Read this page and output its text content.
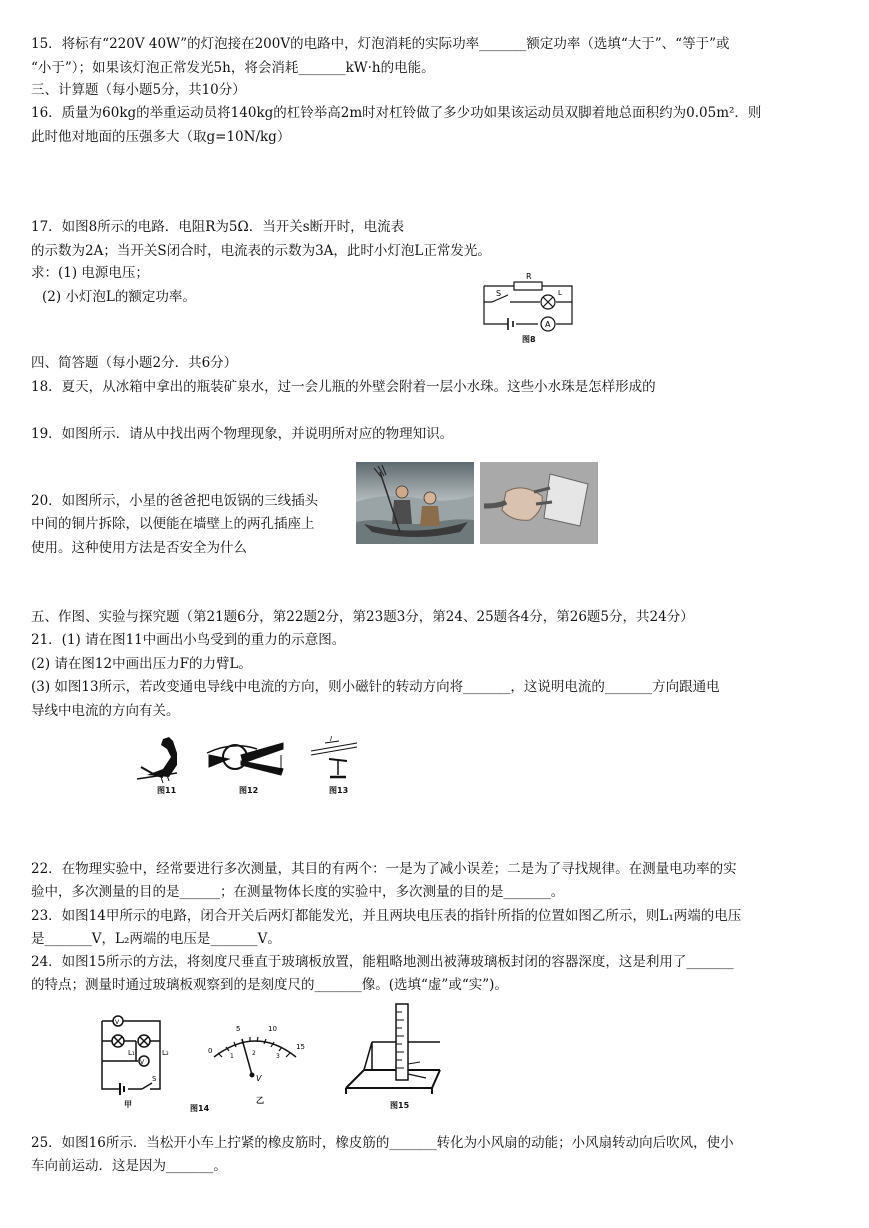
15．将标有“220V 40W”的灯泡接在200V的电路中，灯泡消耗的实际功率_______额定功率（选填“大于”、“等于”或
“小于”）；如果该灯泡正常发光5h，将会消耗_______kW·h的电能。
三、计算题（每小题5分，共10分）
16．质量为60kg的举重运动员将140kg的杠铃举高2m时对杠铃做了多少功如果该运动员双脚着地总面积约为0.05m²．则
此时他对地面的压强多大（取g=10N/kg）
17．如图8所示的电路．电阻R为5Ω．当开关s断开时，电流表
的示数为2A；当开关S闭合时，电流表的示数为3A，此时小灯泡L正常发光。
求：(1) 电源电压；
(2) 小灯泡L的额定功率。
四、简答题（每小题2分．共6分）
18．夏天，从冰箱中拿出的瓶装矿泉水，过一会儿瓶的外壁会附着一层小水珠。这些小水珠是怎样形成的
19．如图所示．请从中找出两个物理现象，并说明所对应的物理知识。
20．如图所示，小星的爸爸把电饭锅的三线插头
中间的铜片拆除，以便能在墙壁上的两孔插座上
使用。这种使用方法是否安全为什么
五、作图、实验与探究题（第21题6分，第22题2分，第23题3分，第24、25题各4分，第26题5分，共24分）
21．(1) 请在图11中画出小鸟受到的重力的示意图。
(2) 请在图12中画出压力F的力臂L。
(3) 如图13所示，若改变通电导线中电流的方向，则小磁针的转动方向将_______，这说明电流的_______方向跟通电
导线中电流的方向有关。
22．在物理实验中，经常要进行多次测量，其目的有两个：一是为了减小误差；二是为了寻找规律。在测量电功率的实
验中，多次测量的目的是______；在测量物体长度的实验中，多次测量的目的是_______。
23．如图14甲所示的电路，闭合开关后两灯都能发光，并且两块电压表的指针所指的位置如图乙所示，则L₁两端的电压
是_______V，L₂两端的电压是_______V。
24．如图15所示的方法，将刻度尺垂直于玻璃板放置，能粗略地测出被薄玻璃板封闭的容器深度，这是利用了_______
的特点；测量时通过玻璃板观察到的是刻度尺的_______像。(选填“虚”或“实”)。
25．如图16所示．当松开小车上拧紧的橡皮筋时，橡皮筋的_______转化为小风扇的动能；小风扇转动向后吹风，使小
车向前运动．这是因为_______。
R
S	L
A
图8
图11
F
图12
I
图13
V
V
L₁	L₂
S
甲	图14
0
5	10
15
1	2	3
V
乙
图15
